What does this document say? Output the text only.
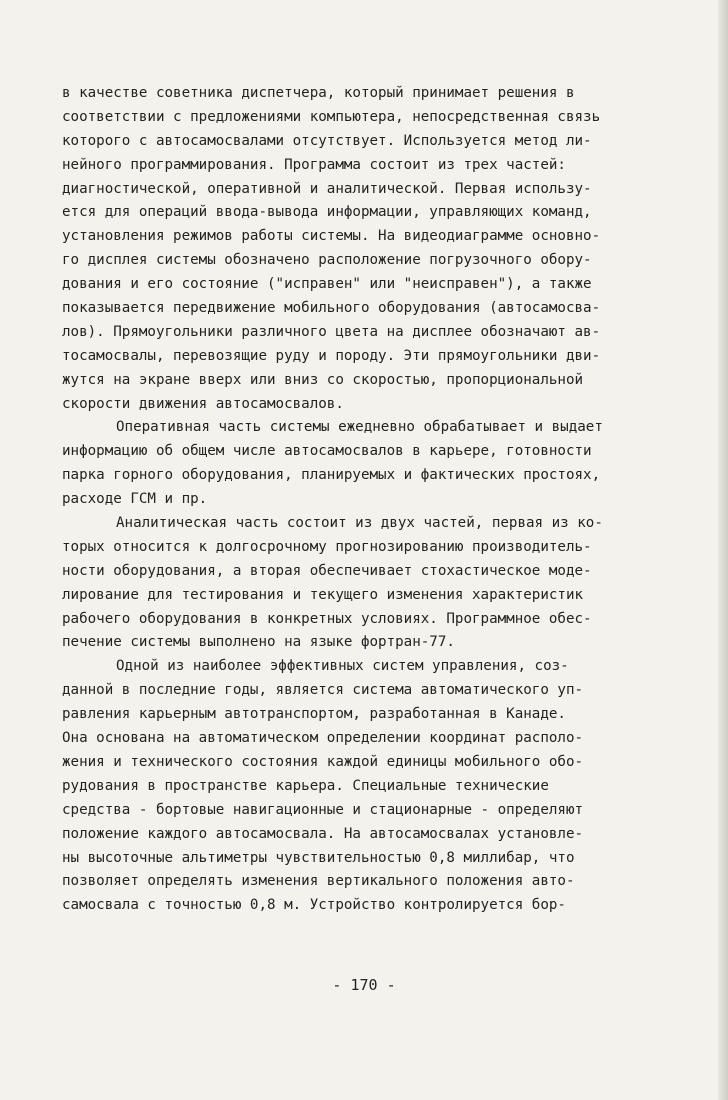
в качестве советника диспетчера, который принимает решения в
соответствии с предложениями компьютера, непосредственная связь
которого с автосамосвалами отсутствует. Используется метод ли-
нейного программирования. Программа состоит из трех частей:
диагностической, оперативной и аналитической. Первая использу-
ется для операций ввода-вывода информации, управляющих команд,
установления режимов работы системы. На видеодиаграмме основно-
го дисплея системы обозначено расположение погрузочного обору-
дования и его состояние ("исправен" или "неисправен"), а также
показывается передвижение мобильного оборудования (автосамосва-
лов). Прямоугольники различного цвета на дисплее обозначают ав-
тосамосвалы, перевозящие руду и породу. Эти прямоугольники дви-
жутся на экране вверх или вниз со скоростью, пропорциональной
скорости движения автосамосвалов.
Оперативная часть системы ежедневно обрабатывает и выдает
информацию об общем числе автосамосвалов в карьере, готовности
парка горного оборудования, планируемых и фактических простоях,
расходе ГСМ и пр.
Аналитическая часть состоит из двух частей, первая из ко-
торых относится к долгосрочному прогнозированию производитель-
ности оборудования, а вторая обеспечивает стохастическое моде-
лирование для тестирования и текущего изменения характеристик
рабочего оборудования в конкретных условиях. Программное обес-
печение системы выполнено на языке фортран-77.
Одной из наиболее эффективных систем управления, соз-
данной в последние годы, является система автоматического уп-
равления карьерным автотранспортом, разработанная в Канаде.
Она основана на автоматическом определении координат располо-
жения и технического состояния каждой единицы мобильного обо-
рудования в пространстве карьера. Специальные технические
средства - бортовые навигационные и стационарные - определяют
положение каждого автосамосвала. На автосамосвалах установле-
ны высоточные альтиметры чувствительностью 0,8 миллибар, что
позволяет определять изменения вертикального положения авто-
самосвала с точностью 0,8 м. Устройство контролируется бор-
- 170 -
